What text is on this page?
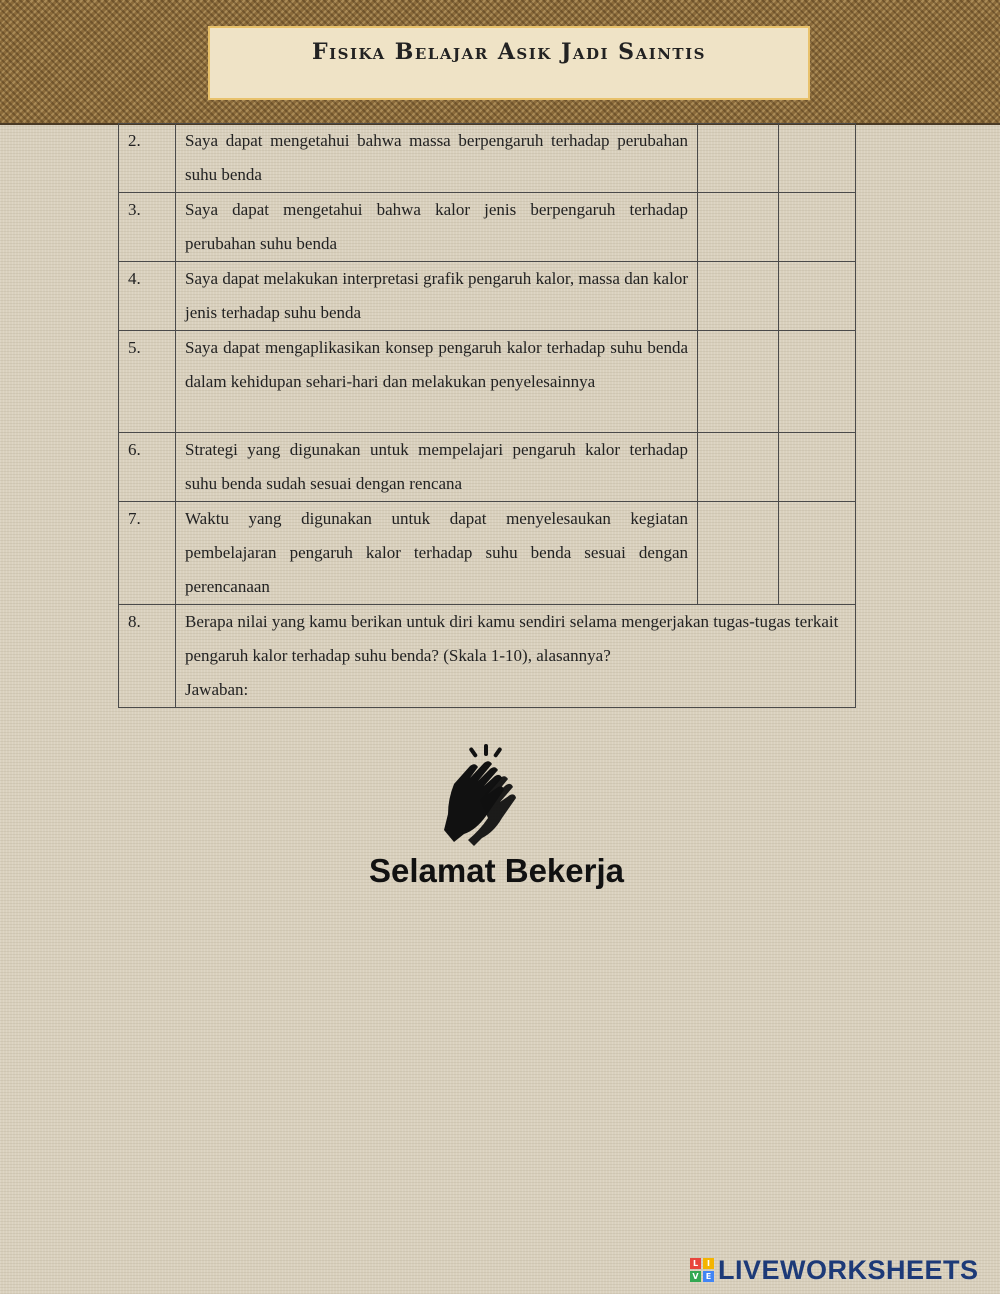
Fisika Belajar Asik Jadi Saintis
2.	Saya dapat mengetahui bahwa massa berpengaruh terhadap perubahan suhu benda		
3.	Saya dapat mengetahui bahwa kalor jenis berpengaruh terhadap perubahan suhu benda		
4.	Saya dapat melakukan interpretasi grafik pengaruh kalor, massa dan kalor jenis terhadap suhu benda		
5.	Saya dapat mengaplikasikan konsep pengaruh kalor terhadap suhu benda dalam kehidupan sehari-hari dan melakukan penyelesainnya		
6.	Strategi yang digunakan untuk mempelajari pengaruh kalor terhadap suhu benda sudah sesuai dengan rencana		
7.	Waktu yang digunakan untuk dapat menyelesaukan kegiatan pembelajaran pengaruh kalor terhadap suhu benda sesuai dengan perencanaan		
8.	Berapa nilai yang kamu berikan untuk diri kamu sendiri selama mengerjakan tugas-tugas terkait pengaruh kalor terhadap suhu benda? (Skala 1-10), alasannya?
Jawaban:		
Selamat Bekerja
L	I
V E LIVEWORKSHEETS
